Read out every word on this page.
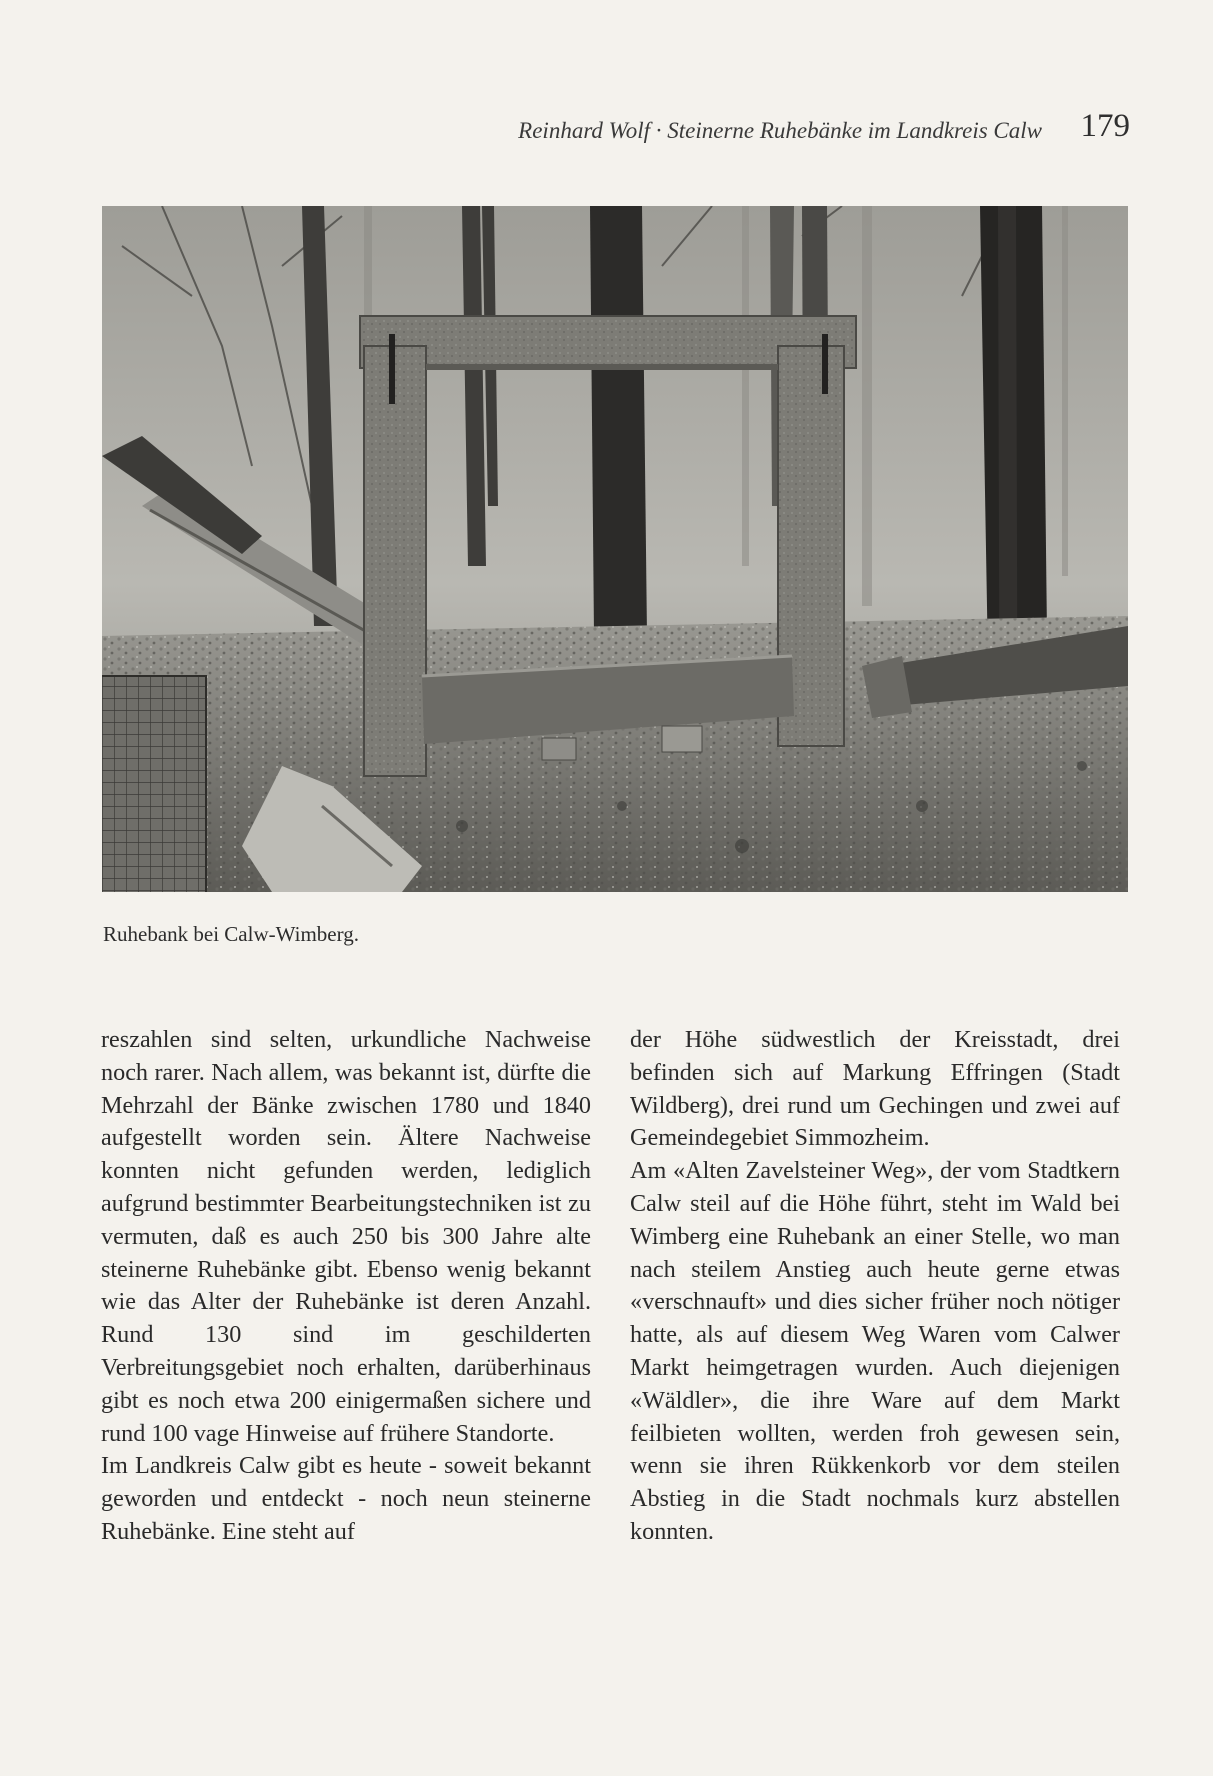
Reinhard Wolf · Steinerne Ruhebänke im Landkreis Calw 179
Ruhebank bei Calw-Wimberg.

reszahlen sind selten, urkundliche Nachweise noch rarer. Nach allem, was bekannt ist, dürfte die Mehrzahl der Bänke zwischen 1780 und 1840 aufgestellt worden sein. Ältere Nachweise konnten nicht gefunden werden, lediglich aufgrund bestimmter Bearbeitungstechniken ist zu vermuten, daß es auch 250 bis 300 Jahre alte steinerne Ruhebänke gibt. Ebenso wenig bekannt wie das Alter der Ruhebänke ist deren Anzahl. Rund 130 sind im geschilderten Verbreitungsgebiet noch erhalten, darüberhinaus gibt es noch etwa 200 einigermaßen sichere und rund 100 vage Hinweise auf frühere Standorte.

Im Landkreis Calw gibt es heute - soweit bekannt geworden und entdeckt - noch neun steinerne Ruhebänke. Eine steht auf

der Höhe südwestlich der Kreisstadt, drei befinden sich auf Markung Effringen (Stadt Wildberg), drei rund um Gechingen und zwei auf Gemeindegebiet Simmozheim.

Am «Alten Zavelsteiner Weg», der vom Stadtkern Calw steil auf die Höhe führt, steht im Wald bei Wimberg eine Ruhebank an einer Stelle, wo man nach steilem Anstieg auch heute gerne etwas «verschnauft» und dies sicher früher noch nötiger hatte, als auf diesem Weg Waren vom Calwer Markt heimgetragen wurden. Auch diejenigen «Wäldler», die ihre Ware auf dem Markt feilbieten wollten, werden froh gewesen sein, wenn sie ihren Rükkenkorb vor dem steilen Abstieg in die Stadt nochmals kurz abstellen konnten.
